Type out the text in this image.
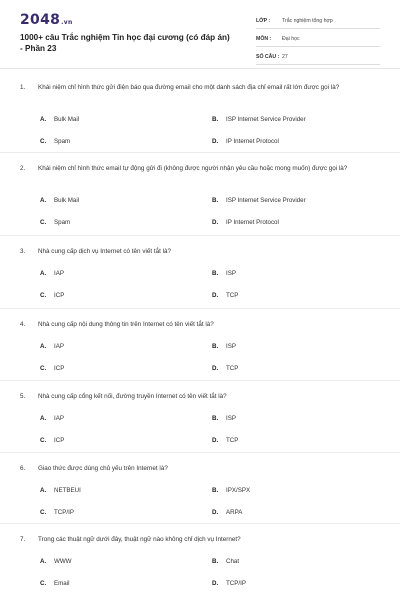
2048.vn
1000+ câu Trắc nghiệm Tin học đại cương (có đáp án) - Phần 23
LỚP :	Trắc nghiệm tổng hợp
MÔN :	Đại học
SỐ CÂU : 27
1.	Khái niệm chỉ hình thức gửi điện báo qua đường email cho một danh sách địa chỉ email rất lớn được gọi là?
A.	Bulk Mail	B.	ISP Internet Service Provider
C.	Spam	D.	IP Internet Protocol
2.	Khái niệm chỉ hình thức email tự động gửi đi (không được người nhận yêu cầu hoặc mong muốn) được gọi là?
A.	Bulk Mail	B.	ISP Internet Service Provider
C.	Spam	D.	IP Internet Protocol
3.	Nhà cung cấp dịch vụ Internet có tên viết tắt là?
A.	IAP	B.	ISP
C.	ICP	D.	TCP
4.	Nhà cung cấp nội dung thông tin trên Internet có tên viết tắt là?
A.	IAP	B.	ISP
C.	ICP	D.	TCP
5.	Nhà cung cấp cổng kết nối, đường truyền Internet có tên viết tắt là?
A.	IAP	B.	ISP
C.	ICP	D.	TCP
6.	Giao thức được dùng chủ yếu trên Internet là?
A.	NETBEUI	B.	IPX/SPX
C.	TCP/IP	D.	ARPA
7.	Trong các thuật ngữ dưới đây, thuật ngữ nào không chỉ dịch vụ Internet?
A.	WWW	B.	Chat
C.	Email	D.	TCP/IP
